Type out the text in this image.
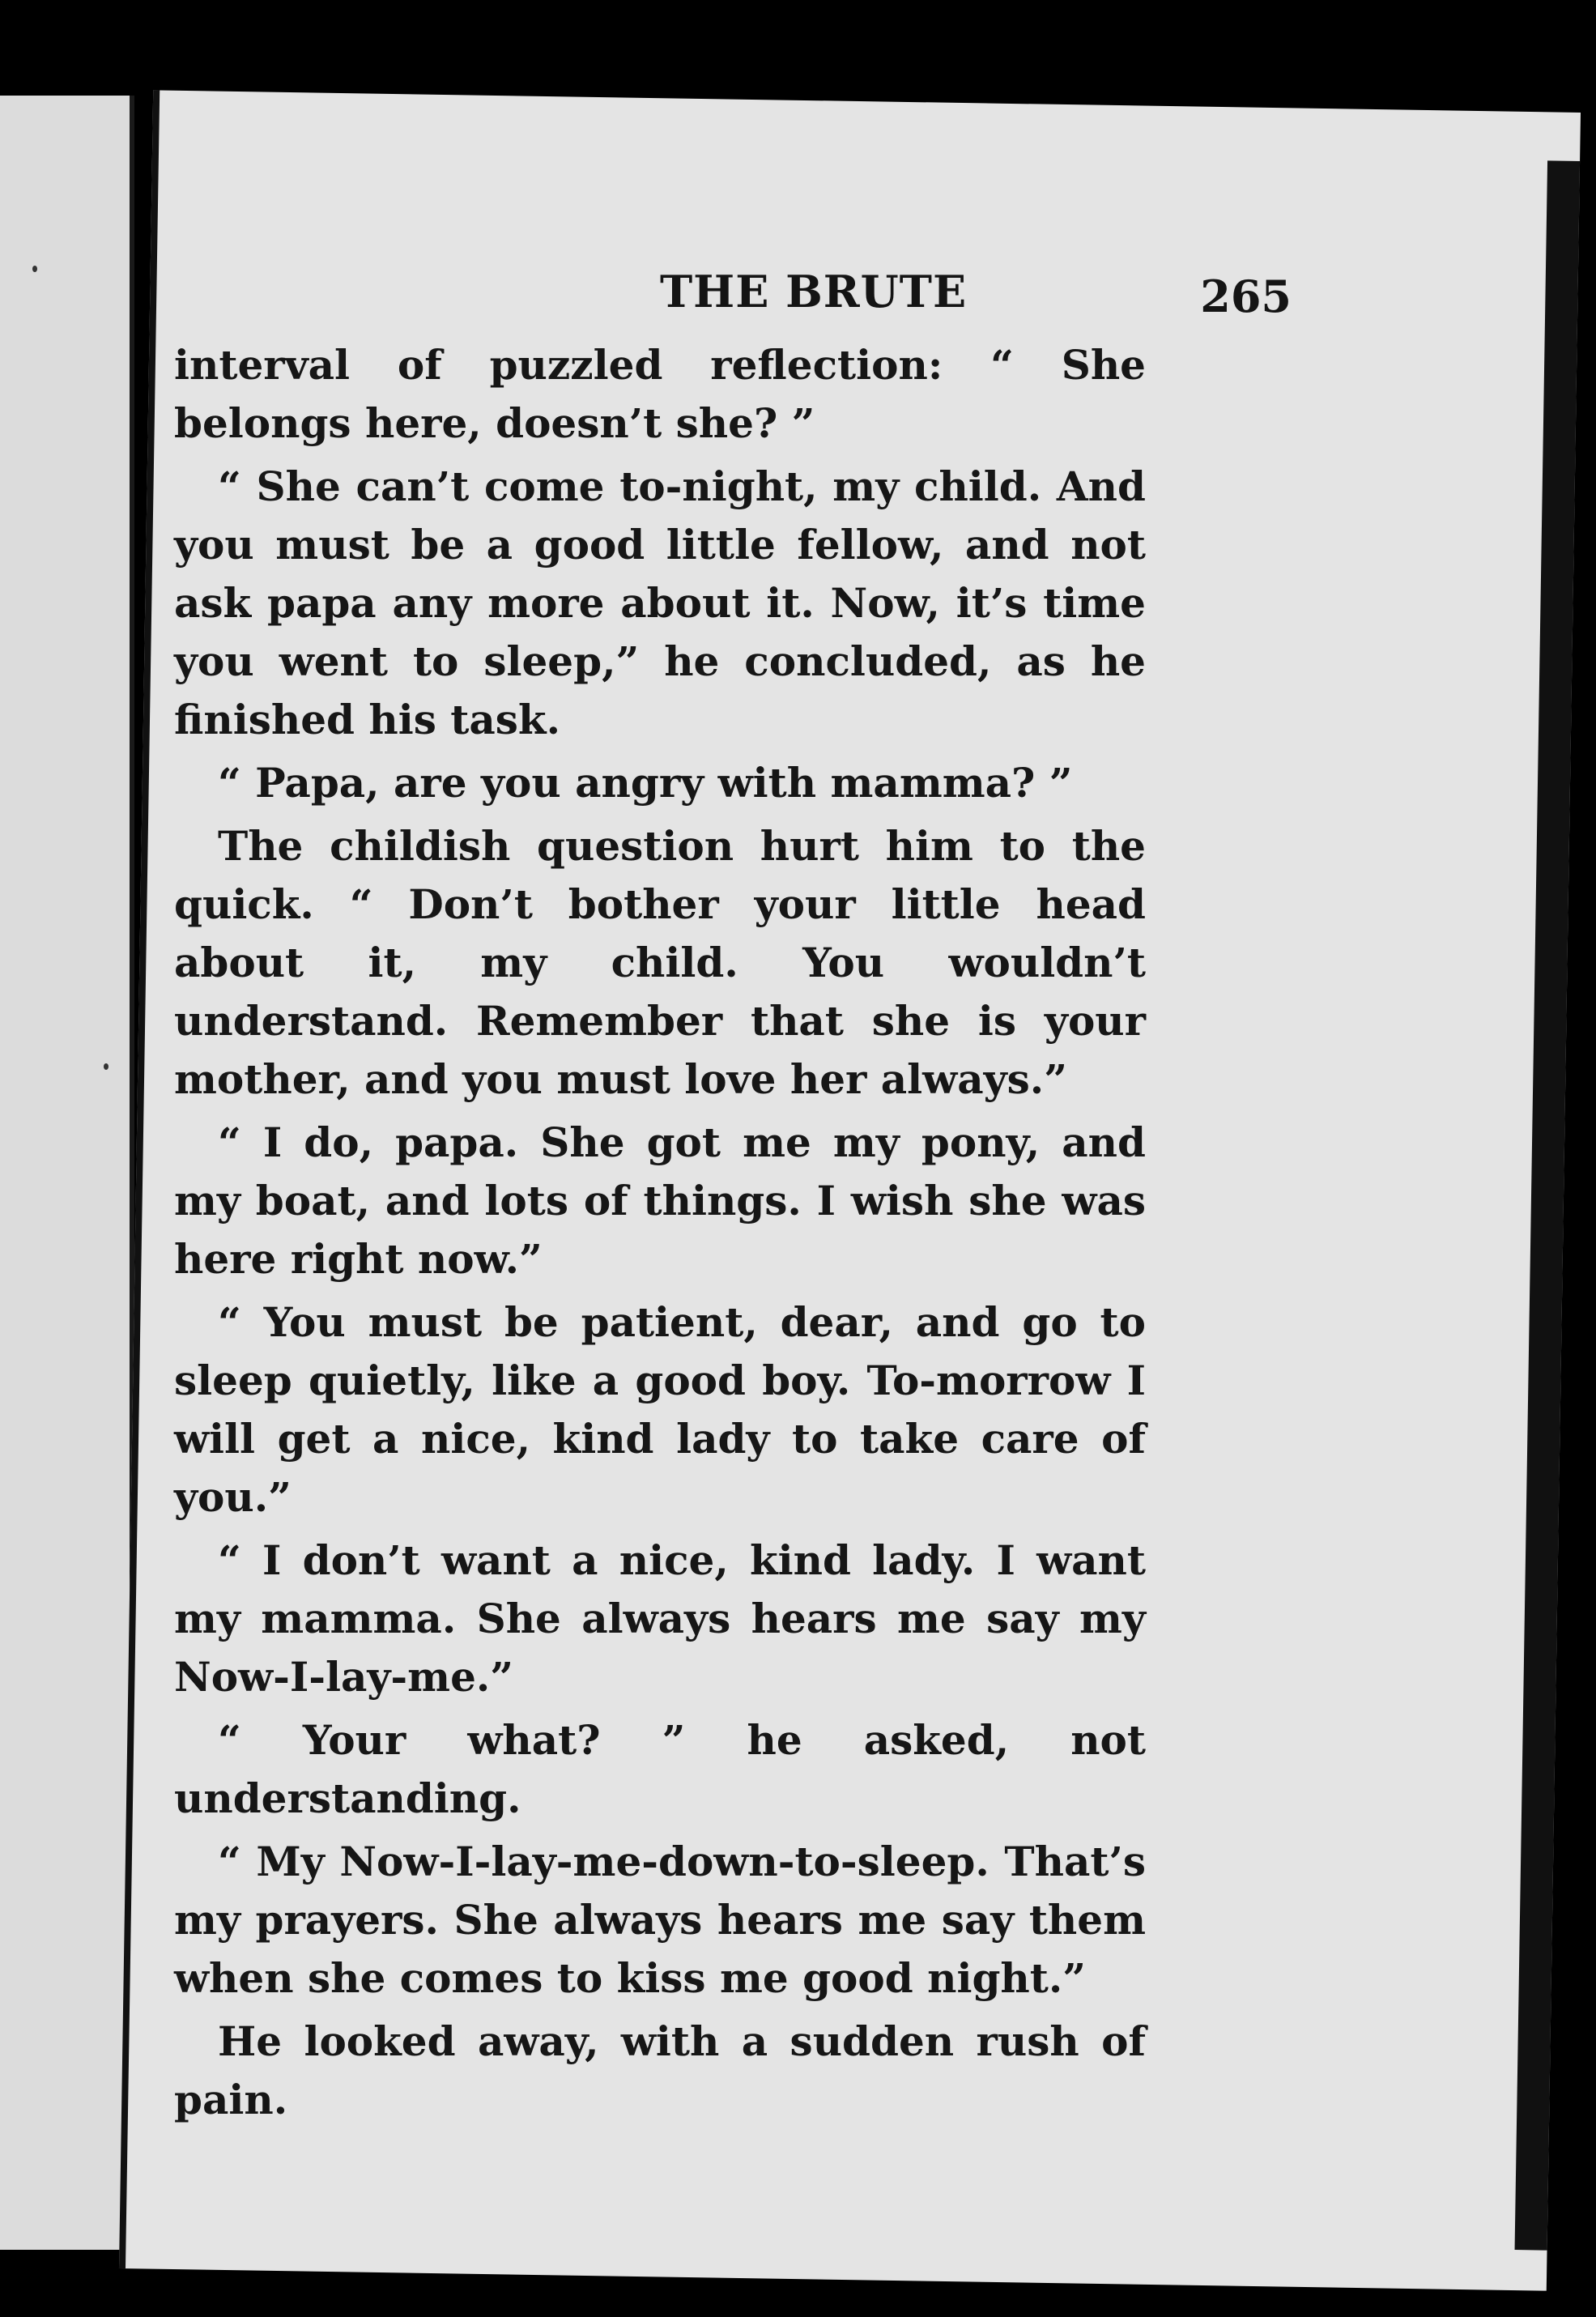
THE BRUTE	265

interval of puzzled reflection: “ She belongs here, doesn’t she? ”

“ She can’t come to-night, my child. And you must be a good little fellow, and not ask papa any more about it. Now, it’s time you went to sleep,” he concluded, as he finished his task.

“ Papa, are you angry with mamma? ”

The childish question hurt him to the quick. “ Don’t bother your little head about it, my child. You wouldn’t understand. Remember that she is your mother, and you must love her always.”

“ I do, papa. She got me my pony, and my boat, and lots of things. I wish she was here right now.”

“ You must be patient, dear, and go to sleep quietly, like a good boy. To-morrow I will get a nice, kind lady to take care of you.”

“ I don’t want a nice, kind lady. I want my mamma. She always hears me say my Now-I-lay-me.”

“ Your what? ” he asked, not understanding.

“ My Now-I-lay-me-down-to-sleep. That’s my prayers. She always hears me say them when she comes to kiss me good night.”

He looked away, with a sudden rush of pain.
